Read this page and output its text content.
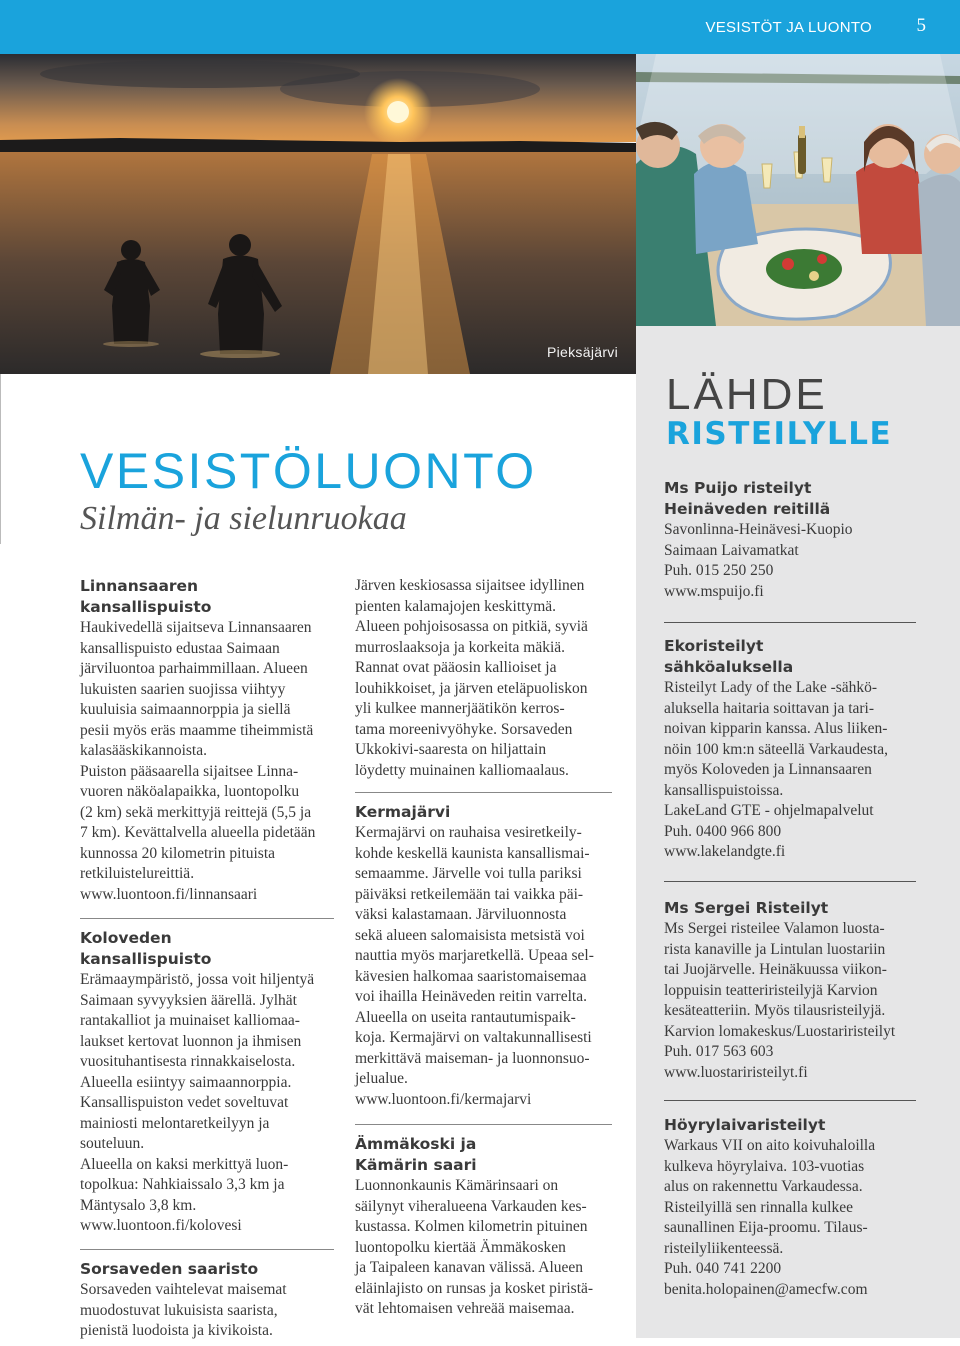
VESISTÖT JA LUONTO 5
Pieksäjärvi
LÄHDE
RISTEILYLLE
Ms Puijo risteilyt
Heinäveden reitillä
Savonlinna-Heinävesi-Kuopio
Saimaan Laivamatkat
Puh. 015 250 250
www.mspuijo.fi
Ekoristeilyt
sähköaluksella
Risteilyt Lady of the Lake -sähkö-
aluksella haitaria soittavan ja tari-
noivan kipparin kanssa. Alus liiken-
nöin 100 km:n säteellä Varkaudesta,
myös Koloveden ja Linnansaaren
kansallispuistoissa.
LakeLand GTE - ohjelmapalvelut
Puh. 0400 966 800
www.lakelandgte.fi
Ms Sergei Risteilyt
Ms Sergei risteilee Valamon luosta-
rista kanaville ja Lintulan luostariin
tai Juojärvelle. Heinäkuussa viikon-
loppuisin teatteriristeilyjä Karvion
kesäteatteriin. Myös tilausristeilyjä.
Karvion lomakeskus/Luostariristeilyt
Puh. 017 563 603
www.luostariristeilyt.fi
Höyrylaivaristeilyt
Warkaus VII on aito koivuhaloilla
kulkeva höyrylaiva. 103-vuotias
alus on rakennettu Varkaudessa.
Risteilyillä sen rinnalla kulkee
saunallinen Eija-proomu. Tilaus-
risteilyliikenteessä.
Puh. 040 741 2200
benita.holopainen@amecfw.com
VESISTÖLUONTO
Silmän- ja sielunruokaa
Linnansaaren
kansallispuisto
Haukivedellä sijaitseva Linnansaaren
kansallispuisto edustaa Saimaan
järviluontoa parhaimmillaan. Alueen
lukuisten saarien suojissa viihtyy
kuuluisia saimaannorppia ja siellä
pesii myös eräs maamme tiheimmistä
kalasääskikannoista.
Puiston pääsaarella sijaitsee Linna-
vuoren näköalapaikka, luontopolku
(2 km) sekä merkittyjä reittejä (5,5 ja
7 km). Kevättalvella alueella pidetään
kunnossa 20 kilometrin pituista
retkiluistelureittiä.
www.luontoon.fi/linnansaari
Koloveden
kansallispuisto
Erämaaympäristö, jossa voit hiljentyä
Saimaan syvyyksien äärellä. Jylhät
rantakalliot ja muinaiset kalliomaa-
laukset kertovat luonnon ja ihmisen
vuosituhantisesta rinnakkaiselosta.
Alueella esiintyy saimaannorppia.
Kansallispuiston vedet soveltuvat
mainiosti melontaretkeilyyn ja
souteluun.
Alueella on kaksi merkittyä luon-
topolkua: Nahkiaissalo 3,3 km ja
Mäntysalo 3,8 km.
www.luontoon.fi/kolovesi
Sorsaveden saaristo
Sorsaveden vaihtelevat maisemat
muodostuvat lukuisista saarista,
pienistä luodoista ja kivikoista.
Järven keskiosassa sijaitsee idyllinen
pienten kalamajojen keskittymä.
Alueen pohjoisosassa on pitkiä, syviä
murroslaaksoja ja korkeita mäkiä.
Rannat ovat pääosin kallioiset ja
louhikkoiset, ja järven eteläpuoliskon
yli kulkee mannerjäätikön kerros-
tama moreenivyöhyke. Sorsaveden
Ukkokivi-saaresta on hiljattain
löydetty muinainen kalliomaalaus.
Kermajärvi
Kermajärvi on rauhaisa vesiretkeily-
kohde keskellä kaunista kansallismai-
semaamme. Järvelle voi tulla pariksi
päiväksi retkeilemään tai vaikka päi-
väksi kalastamaan. Järviluonnosta
sekä alueen salomaisista metsistä voi
nauttia myös marjaretkellä. Upeaa sel-
kävesien halkomaa saaristomaisemaa
voi ihailla Heinäveden reitin varrelta.
Alueella on useita rantautumispaik-
koja. Kermajärvi on valtakunnallisesti
merkittävä maiseman- ja luonnonsuo-
jelualue.
www.luontoon.fi/kermajarvi
Ämmäkoski ja
Kämärin saari
Luonnonkaunis Kämärinsaari on
säilynyt viheralueena Varkauden kes-
kustassa. Kolmen kilometrin pituinen
luontopolku kiertää Ämmäkosken
ja Taipaleen kanavan välissä. Alueen
eläinlajisto on runsas ja kosket piristä-
vät lehtomaisen vehreää maisemaa.
